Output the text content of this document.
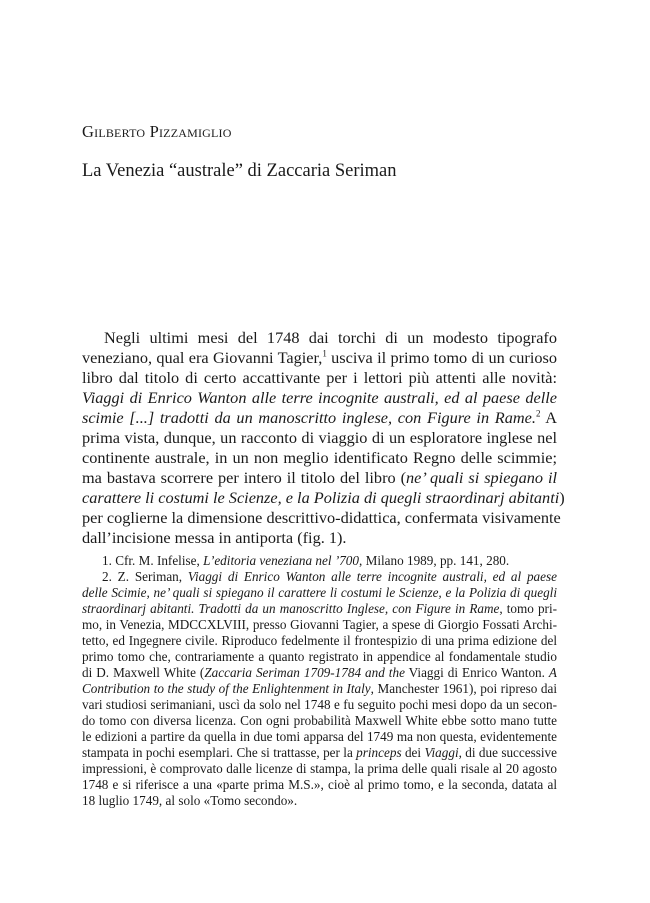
Gilberto Pizzamiglio
La Venezia “australe” di Zaccaria Seriman
Negli ultimi mesi del 1748 dai torchi di un modesto tipografo
veneziano, qual era Giovanni Tagier,$^1$ usciva il primo tomo di un curioso
libro dal titolo di certo accattivante per i lettori più attenti alle novità:
Viaggi di Enrico Wanton alle terre incognite australi, ed al paese delle
scimie [...] tradotti da un manoscritto inglese, con Figure in Rame.$^2$ A
prima vista, dunque, un racconto di viaggio di un esploratore inglese nel
continente australe, in un non meglio identificato Regno delle scimmie;
ma bastava scorrere per intero il titolo del libro (ne’ quali si spiegano il
carattere li costumi le Scienze, e la Polizia di quegli straordinarj abitanti)
per coglierne la dimensione descrittivo-didattica, confermata visivamente
dall’incisione messa in antiporta (fig. 1).
1. Cfr. M. Infelise, L’editoria veneziana nel ’700, Milano 1989, pp. 141, 280.
2. Z. Seriman, Viaggi di Enrico Wanton alle terre incognite australi, ed al paese
delle Scimie, ne’ quali si spiegano il carattere li costumi le Scienze, e la Polizia di quegli
straordinarj abitanti. Tradotti da un manoscritto Inglese, con Figure in Rame, tomo pri-
mo, in Venezia, MDCCXLVIII, presso Giovanni Tagier, a spese di Giorgio Fossati Archi-
tetto, ed Ingegnere civile. Riproduco fedelmente il frontespizio di una prima edizione del
primo tomo che, contrariamente a quanto registrato in appendice al fondamentale studio
di D. Maxwell White (Zaccaria Seriman 1709-1784 and the Viaggi di Enrico Wanton. A
Contribution to the study of the Enlightenment in Italy, Manchester 1961), poi ripreso dai
vari studiosi serimaniani, uscì da solo nel 1748 e fu seguito pochi mesi dopo da un secon-
do tomo con diversa licenza. Con ogni probabilità Maxwell White ebbe sotto mano tutte
le edizioni a partire da quella in due tomi apparsa del 1749 ma non questa, evidentemente
stampata in pochi esemplari. Che si trattasse, per la princeps dei Viaggi, di due successive
impressioni, è comprovato dalle licenze di stampa, la prima delle quali risale al 20 agosto
1748 e si riferisce a una «parte prima M.S.», cioè al primo tomo, e la seconda, datata al
18 luglio 1749, al solo «Tomo secondo».
